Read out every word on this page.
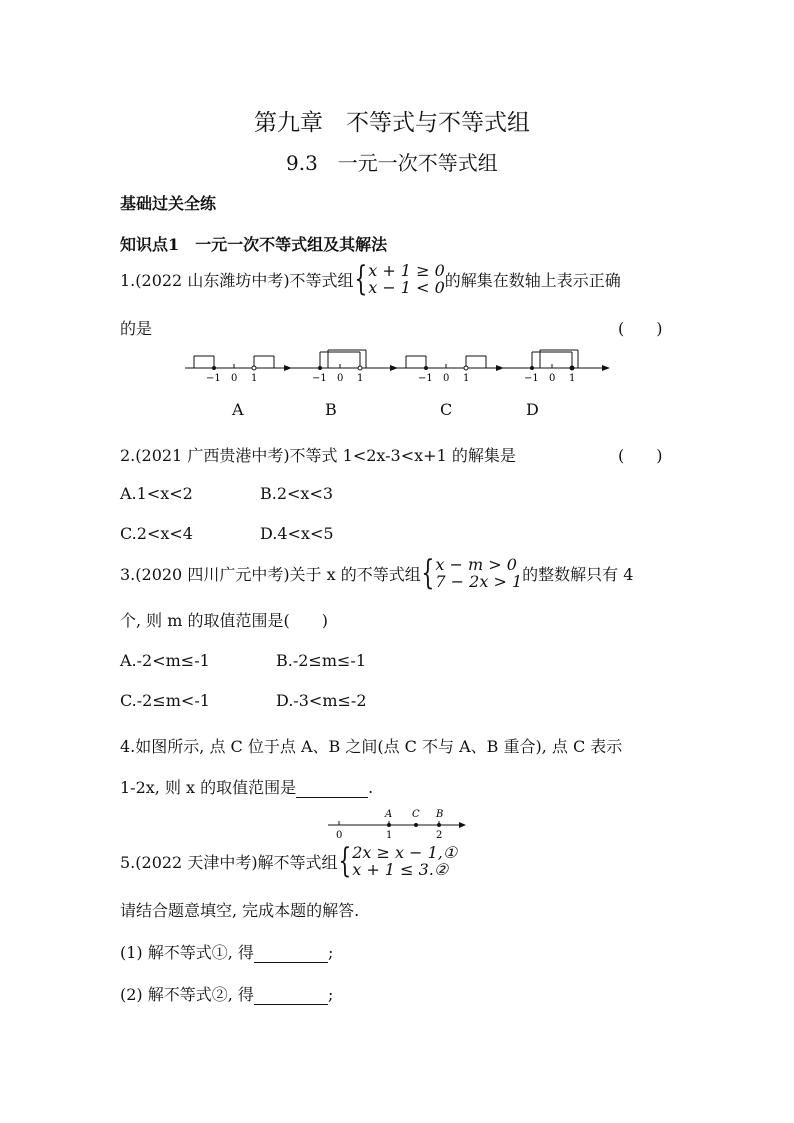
第九章　不等式与不等式组
9.3　一元一次不等式组
基础过关全练
知识点1　一元一次不等式组及其解法
1.(2022 山东潍坊中考)不等式组 { x + 1 ≥ 0
x − 1 < 0 的解集在数轴上表示正确
的是	(　　)
−1 0 1	−1 0 1	−1 0 1	−1 0 1
A	B	C	D
2.(2021 广西贵港中考)不等式 1<2x-3<x+1 的解集是	(　　)
A.1<x<2	B.2<x<3
C.2<x<4	D.4<x<5
3.(2020 四川广元中考)关于 x 的不等式组 { x − m > 0
7 − 2x > 1 的整数解只有 4
个, 则 m 的取值范围是(　　)
A.-2<m≤-1	B.-2≤m≤-1
C.-2≤m<-1	D.-3<m≤-2
4.如图所示, 点 C 位于点 A、B 之间(点 C 不与 A、B 重合), 点 C 表示
1-2x, 则 x 的取值范围是	.
A C B
0	1	2
5.(2022 天津中考)解不等式组 { 2x ≥ x − 1,①
x + 1 ≤ 3.②
请结合题意填空, 完成本题的解答.
(1) 解不等式①, 得	;
(2) 解不等式②, 得	;
